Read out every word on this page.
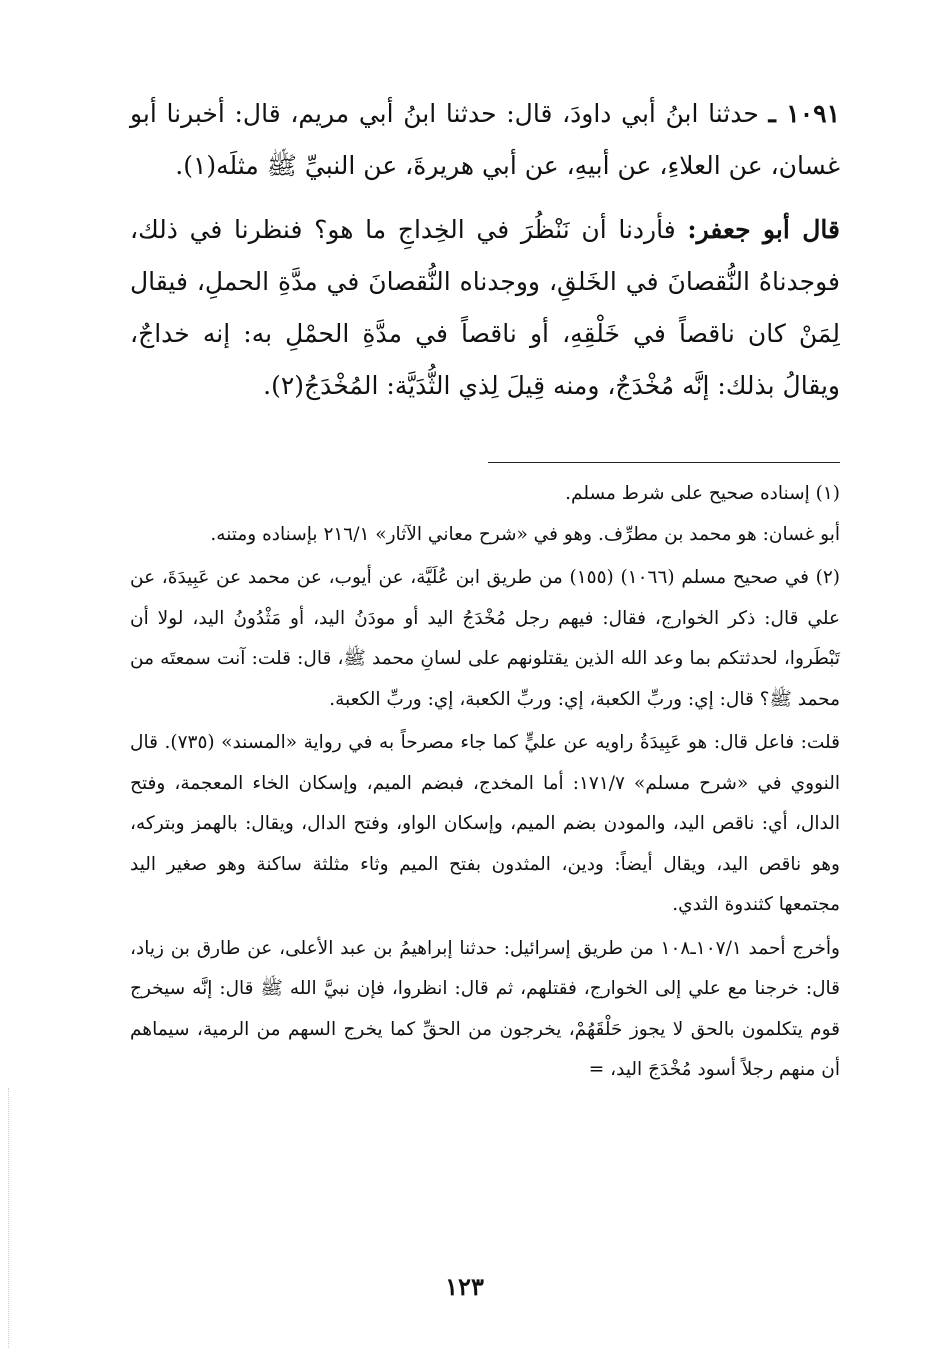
١٠٩١ ـ حدثنا ابنُ أبي داودَ، قال: حدثنا ابنُ أبي مريم، قال: أخبرنا أبو غسان، عن العلاءِ، عن أبيهِ، عن أبي هريرةَ، عن النبيِّ ﷺ مثلَه(١).

قال أبو جعفر: فأردنا أن نَنْظُرَ في الخِداجِ ما هو؟ فنظرنا في ذلك، فوجدناهُ النُّقصانَ في الخَلقِ، ووجدناه النُّقصانَ في مدَّةِ الحملِ، فيقال لِمَنْ كان ناقصاً في خَلْقِهِ، أو ناقصاً في مدَّةِ الحمْلِ به: إنه خداجٌ، ويقالُ بذلك: إنَّه مُخْدَجٌ، ومنه قِيلَ لِذي الثُّدَيَّة: المُخْدَجُ(٢).

(١) إسناده صحيح على شرط مسلم.

أبو غسان: هو محمد بن مطرِّف. وهو في «شرح معاني الآثار» ٢١٦/١ بإسناده ومتنه.

(٢) في صحيح مسلم (١٠٦٦) (١٥٥) من طريق ابن عُلَيَّة، عن أيوب، عن محمد عن عَبِيدَةَ، عن علي قال: ذكر الخوارج، فقال: فيهم رجل مُخْدَجُ اليد أو مودَنُ اليد، أو مَثْدُونُ اليد، لولا أن تَبْطَروا، لحدثتكم بما وعد الله الذين يقتلونهم على لسانِ محمد ﷺ، قال: قلت: آنت سمعتَه من محمد ﷺ؟ قال: إي: وربِّ الكعبة، إي: وربِّ الكعبة، إي: وربِّ الكعبة.

قلت: فاعل قال: هو عَبِيدَةُ راويه عن عليٍّ كما جاء مصرحاً به في رواية «المسند» (٧٣٥). قال النووي في «شرح مسلم» ١٧١/٧: أما المخدج، فبضم الميم، وإسكان الخاء المعجمة، وفتح الدال، أي: ناقص اليد، والمودن بضم الميم، وإسكان الواو، وفتح الدال، ويقال: بالهمز وبتركه، وهو ناقص اليد، ويقال أيضاً: ودين، المثدون بفتح الميم وثاء مثلثة ساكنة وهو صغير اليد مجتمعها كثندوة الثدي.

وأخرج أحمد ١٠٧/١ـ١٠٨ من طريق إسرائيل: حدثنا إبراهيمُ بن عبد الأعلى، عن طارق بن زياد، قال: خرجنا مع علي إلى الخوارج، فقتلهم، ثم قال: انظروا، فإن نبيَّ الله ﷺ قال: إنَّه سيخرج قوم يتكلمون بالحق لا يجوز حَلْقَهُمْ، يخرجون من الحقِّ كما يخرج السهم من الرمية، سيماهم أن منهم رجلاً أسود مُخْدَجَ اليد، =

١٢٣
